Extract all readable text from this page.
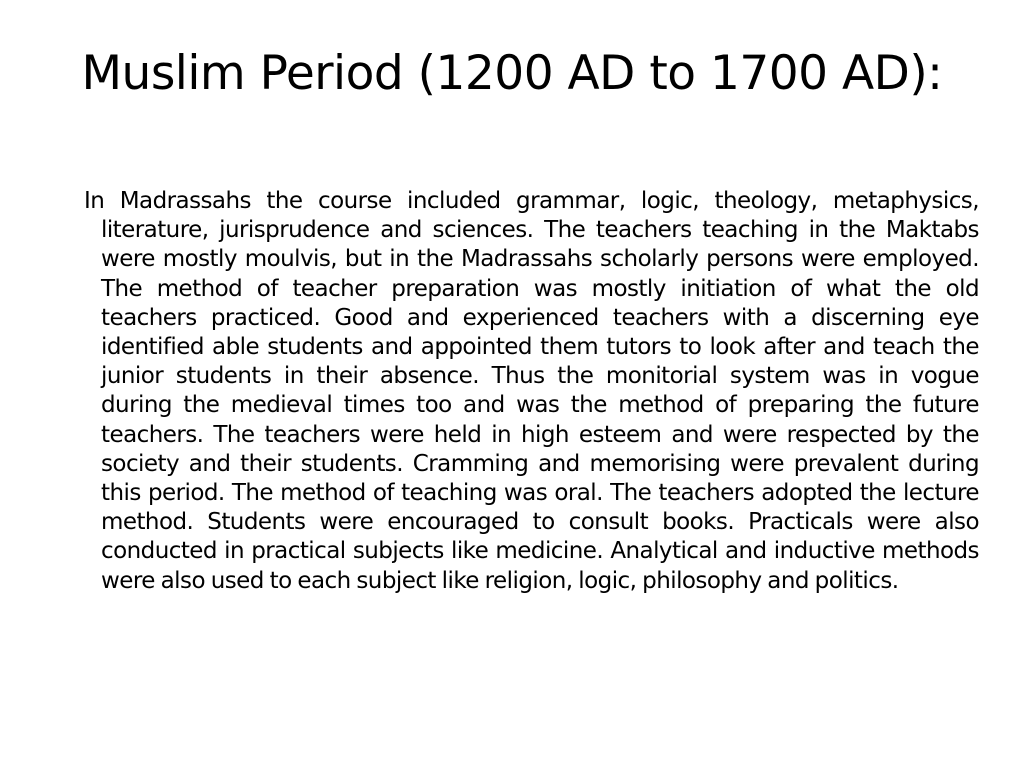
Muslim Period (1200 AD to 1700 AD):

In Madrassahs the course included grammar, logic, theology, metaphysics, literature, jurisprudence and sciences. The teachers teaching in the Maktabs were mostly moulvis, but in the Madrassahs scholarly persons were employed. The method of teacher preparation was mostly initiation of what the old teachers practiced. Good and experienced teachers with a discerning eye identified able students and appointed them tutors to look after and teach the junior students in their absence. Thus the monitorial system was in vogue during the medieval times too and was the method of preparing the future teachers. The teachers were held in high esteem and were respected by the society and their students. Cramming and memorising were prevalent during this period. The method of teaching was oral. The teachers adopted the lecture method. Students were encouraged to consult books. Practicals were also conducted in practical subjects like medicine. Analytical and inductive methods were also used to each subject like religion, logic, philosophy and politics.
